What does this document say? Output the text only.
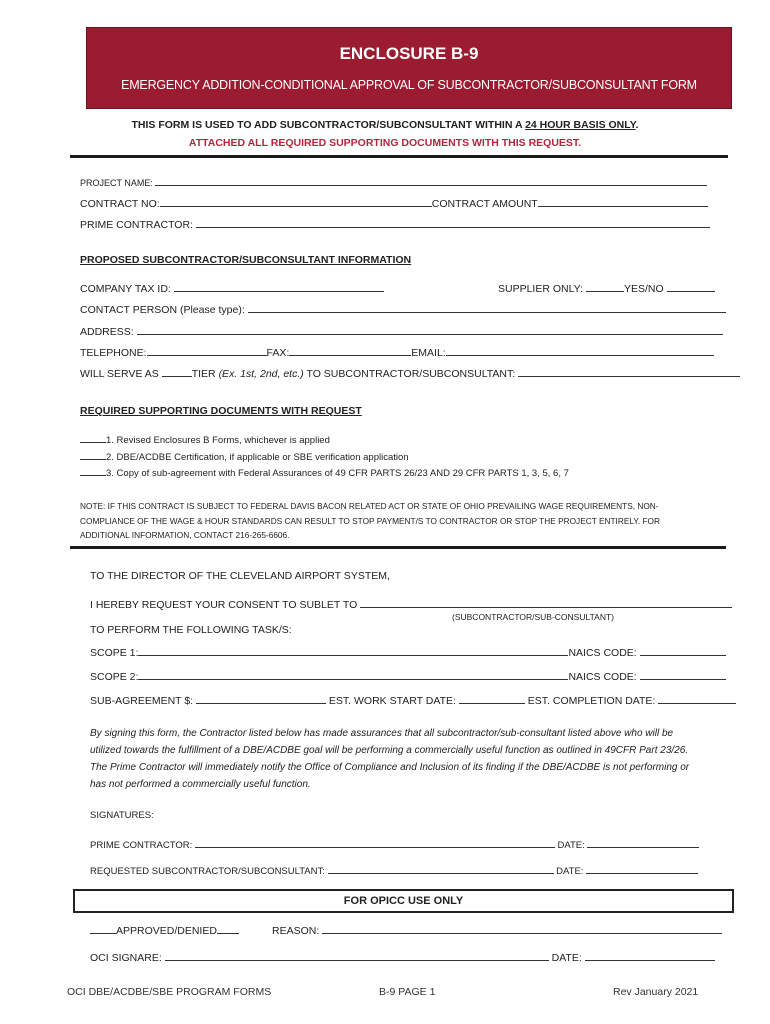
ENCLOSURE B-9
EMERGENCY ADDITION-CONDITIONAL APPROVAL OF SUBCONTRACTOR/SUBCONSULTANT FORM
THIS FORM IS USED TO ADD SUBCONTRACTOR/SUBCONSULTANT WITHIN A 24 HOUR BASIS ONLY.
ATTACHED ALL REQUIRED SUPPORTING DOCUMENTS WITH THIS REQUEST.
PROJECT NAME:
CONTRACT NO:	CONTRACT AMOUNT
PRIME CONTRACTOR:
PROPOSED SUBCONTRACTOR/SUBCONSULTANT INFORMATION
COMPANY TAX ID:	SUPPLIER ONLY:	YES/NO
CONTACT PERSON (Please type):
ADDRESS:
TELEPHONE:	FAX:	EMAIL:
WILL SERVE AS	TIER (Ex. 1st, 2nd, etc.) TO SUBCONTRACTOR/SUBCONSULTANT:
REQUIRED SUPPORTING DOCUMENTS WITH REQUEST
1. Revised Enclosures B Forms, whichever is applied
2. DBE/ACDBE Certification, if applicable or SBE verification application
3. Copy of sub-agreement with Federal Assurances of 49 CFR PARTS 26/23 AND 29 CFR PARTS 1, 3, 5, 6, 7
NOTE: IF THIS CONTRACT IS SUBJECT TO FEDERAL DAVIS BACON RELATED ACT OR STATE OF OHIO PREVAILING WAGE REQUIREMENTS, NON-
COMPLIANCE OF THE WAGE & HOUR STANDARDS CAN RESULT TO STOP PAYMENT/S TO CONTRACTOR OR STOP THE PROJECT ENTIRELY. FOR
ADDITIONAL INFORMATION, CONTACT 216-265-6606.
TO THE DIRECTOR OF THE CLEVELAND AIRPORT SYSTEM,
I HEREBY REQUEST YOUR CONSENT TO SUBLET TO
(SUBCONTRACTOR/SUB-CONSULTANT)
TO PERFORM THE FOLLOWING TASK/S:
SCOPE 1:	NAICS CODE:
SCOPE 2:	NAICS CODE:
SUB-AGREEMENT $:	EST. WORK START DATE:	EST. COMPLETION DATE:
By signing this form, the Contractor listed below has made assurances that all subcontractor/sub-consultant listed above who will be
utilized towards the fulfillment of a DBE/ACDBE goal will be performing a commercially useful function as outlined in 49CFR Part 23/26.
The Prime Contractor will immediately notify the Office of Compliance and Inclusion of its finding if the DBE/ACDBE is not performing or
has not performed a commercially useful function.
SIGNATURES:
PRIME CONTRACTOR:	DATE:
REQUESTED SUBCONTRACTOR/SUBCONSULTANT:	DATE:
FOR OPICC USE ONLY
APPROVED/DENIED	REASON:
OCI SIGNARE:	DATE:
OCI DBE/ACDBE/SBE PROGRAM FORMS	B-9 PAGE 1	Rev January 2021
